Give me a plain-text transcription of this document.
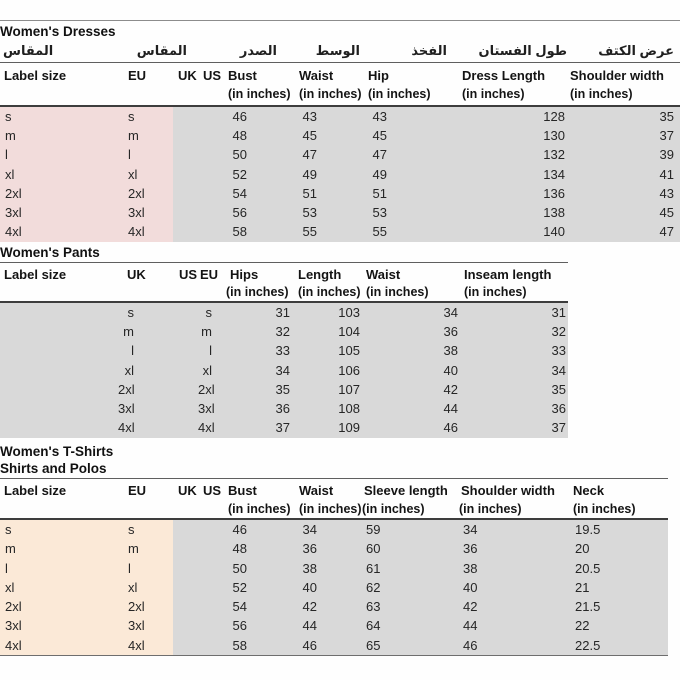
Women's Dresses
المقاس	المقاس	الصدر	الوسط	الفخذ	طول الفستان	عرض الكتف
Label size	EU	UK US Bust	Waist	Hip	Dress Length	Shoulder width
(in inches) (in inches) (in inches)	(in inches)	(in inches)
s	s	46	43	43	128	35
m	m	48	45	45	130	37
l	l	50	47	47	132	39
xl	xl	52	49	49	134	41
2xl	2xl	54	51	51	136	43
3xl	3xl	56	53	53	138	45
4xl	4xl	58	55	55	140	47
Women's Pants
Label size	UK	US EU Hips	Length	Waist	Inseam length
(in inches) (in inches) (in inches)	(in inches)
s	s	31	103	34	31
m	m	32	104	36	32
l	l	33	105	38	33
xl	xl	34	106	40	34
2xl	2xl	35	107	42	35
3xl	3xl	36	108	44	36
4xl	4xl	37	109	46	37
Women's T-Shirts
Shirts and Polos
Label size	EU	UK US Bust	Waist Sleeve length	Shoulder width	Neck
(in inches) (in inches) (in inches)	(in inches)	(in inches)
s	s	46	34	59	34	19.5
m	m	48	36	60	36	20
l	l	50	38	61	38	20.5
xl	xl	52	40	62	40	21
2xl	2xl	54	42	63	42	21.5
3xl	3xl	56	44	64	44	22
4xl	4xl	58	46	65	46	22.5
